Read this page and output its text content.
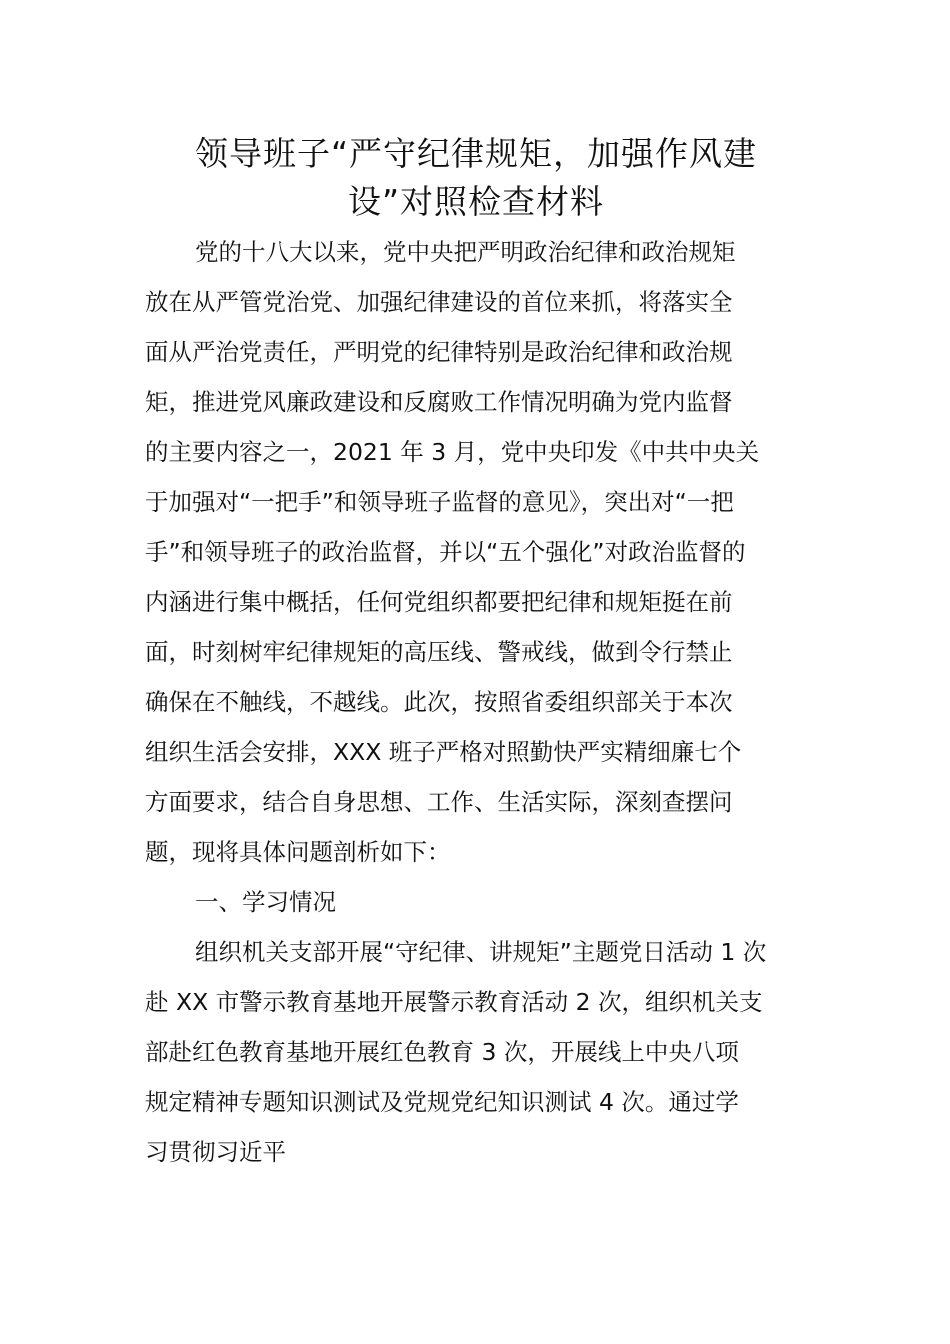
领导班子“严守纪律规矩，加强作风建
设”对照检查材料
党的十八大以来，党中央把严明政治纪律和政治规矩
放在从严管党治党、加强纪律建设的首位来抓，将落实全
面从严治党责任，严明党的纪律特别是政治纪律和政治规
矩，推进党风廉政建设和反腐败工作情况明确为党内监督
的主要内容之一，2021 年 3 月，党中央印发《中共中央关
于加强对“一把手”和领导班子监督的意见》，突出对“一把
手”和领导班子的政治监督，并以“五个强化”对政治监督的
内涵进行集中概括，任何党组织都要把纪律和规矩挺在前
面，时刻树牢纪律规矩的高压线、警戒线，做到令行禁止
确保在不触线，不越线。此次，按照省委组织部关于本次
组织生活会安排，XXX 班子严格对照勤快严实精细廉七个
方面要求，结合自身思想、工作、生活实际，深刻查摆问
题，现将具体问题剖析如下：
一、学习情况
组织机关支部开展“守纪律、讲规矩”主题党日活动 1 次
赴 XX 市警示教育基地开展警示教育活动 2 次，组织机关支
部赴红色教育基地开展红色教育 3 次，开展线上中央八项
规定精神专题知识测试及党规党纪知识测试 4 次。通过学
习贯彻习近平
